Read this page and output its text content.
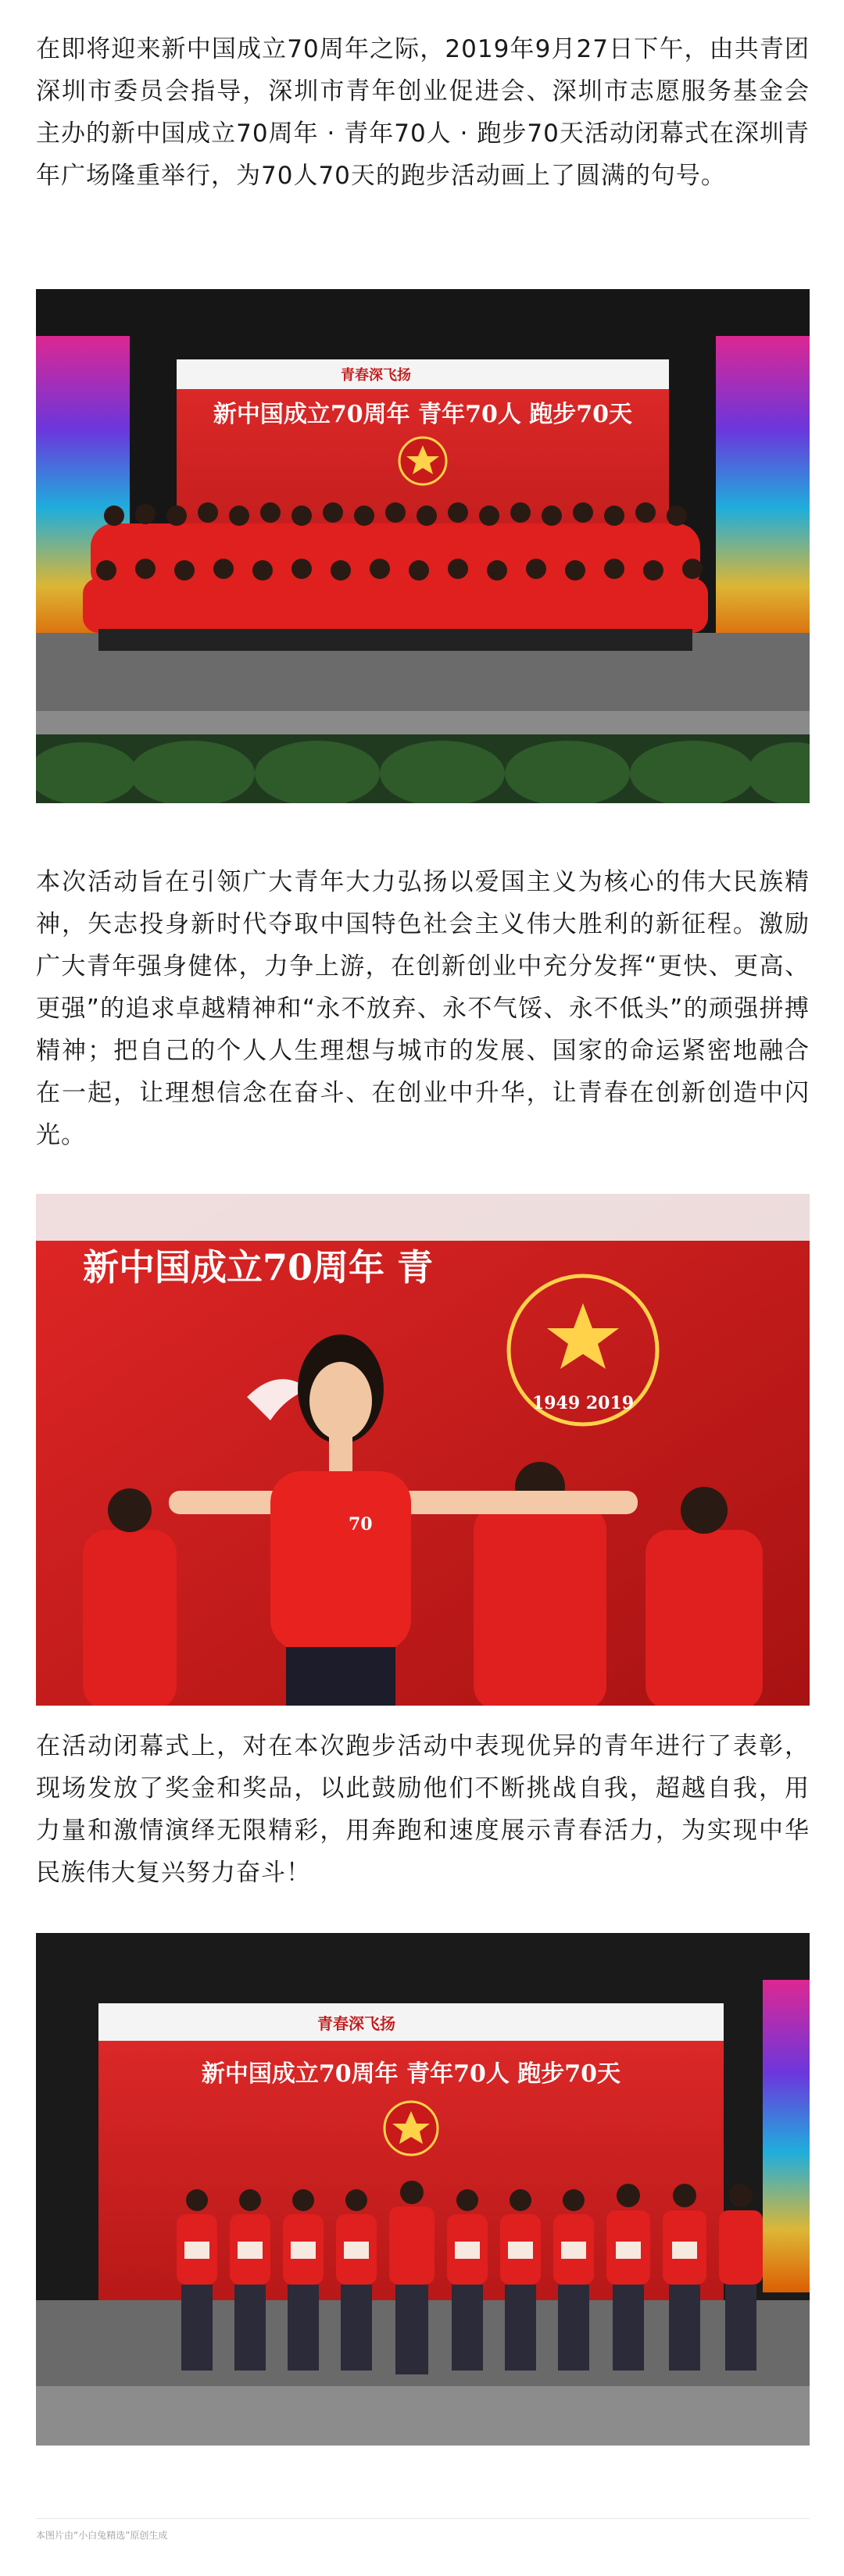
在即将迎来新中国成立70周年之际，2019年9月27日下午，由共青团深圳市委员会指导，深圳市青年创业促进会、深圳市志愿服务基金会主办的新中国成立70周年 · 青年70人 · 跑步70天活动闭幕式在深圳青年广场隆重举行，为70人70天的跑步活动画上了圆满的句号。

青春深飞扬
新中国成立70周年 青年70人 跑步70天

本次活动旨在引领广大青年大力弘扬以爱国主义为核心的伟大民族精神，矢志投身新时代夺取中国特色社会主义伟大胜利的新征程。激励广大青年强身健体，力争上游，在创新创业中充分发挥“更快、更高、更强”的追求卓越精神和“永不放弃、永不气馁、永不低头”的顽强拼搏精神；把自己的个人人生理想与城市的发展、国家的命运紧密地融合在一起，让理想信念在奋斗、在创业中升华，让青春在创新创造中闪光。

新中国成立70周年 青
1949 2019
70

在活动闭幕式上，对在本次跑步活动中表现优异的青年进行了表彰，现场发放了奖金和奖品，以此鼓励他们不断挑战自我，超越自我，用力量和激情演绎无限精彩，用奔跑和速度展示青春活力，为实现中华民族伟大复兴努力奋斗！

青春深飞扬
新中国成立70周年 青年70人 跑步70天
本图片由“小白兔精选”原创生成
